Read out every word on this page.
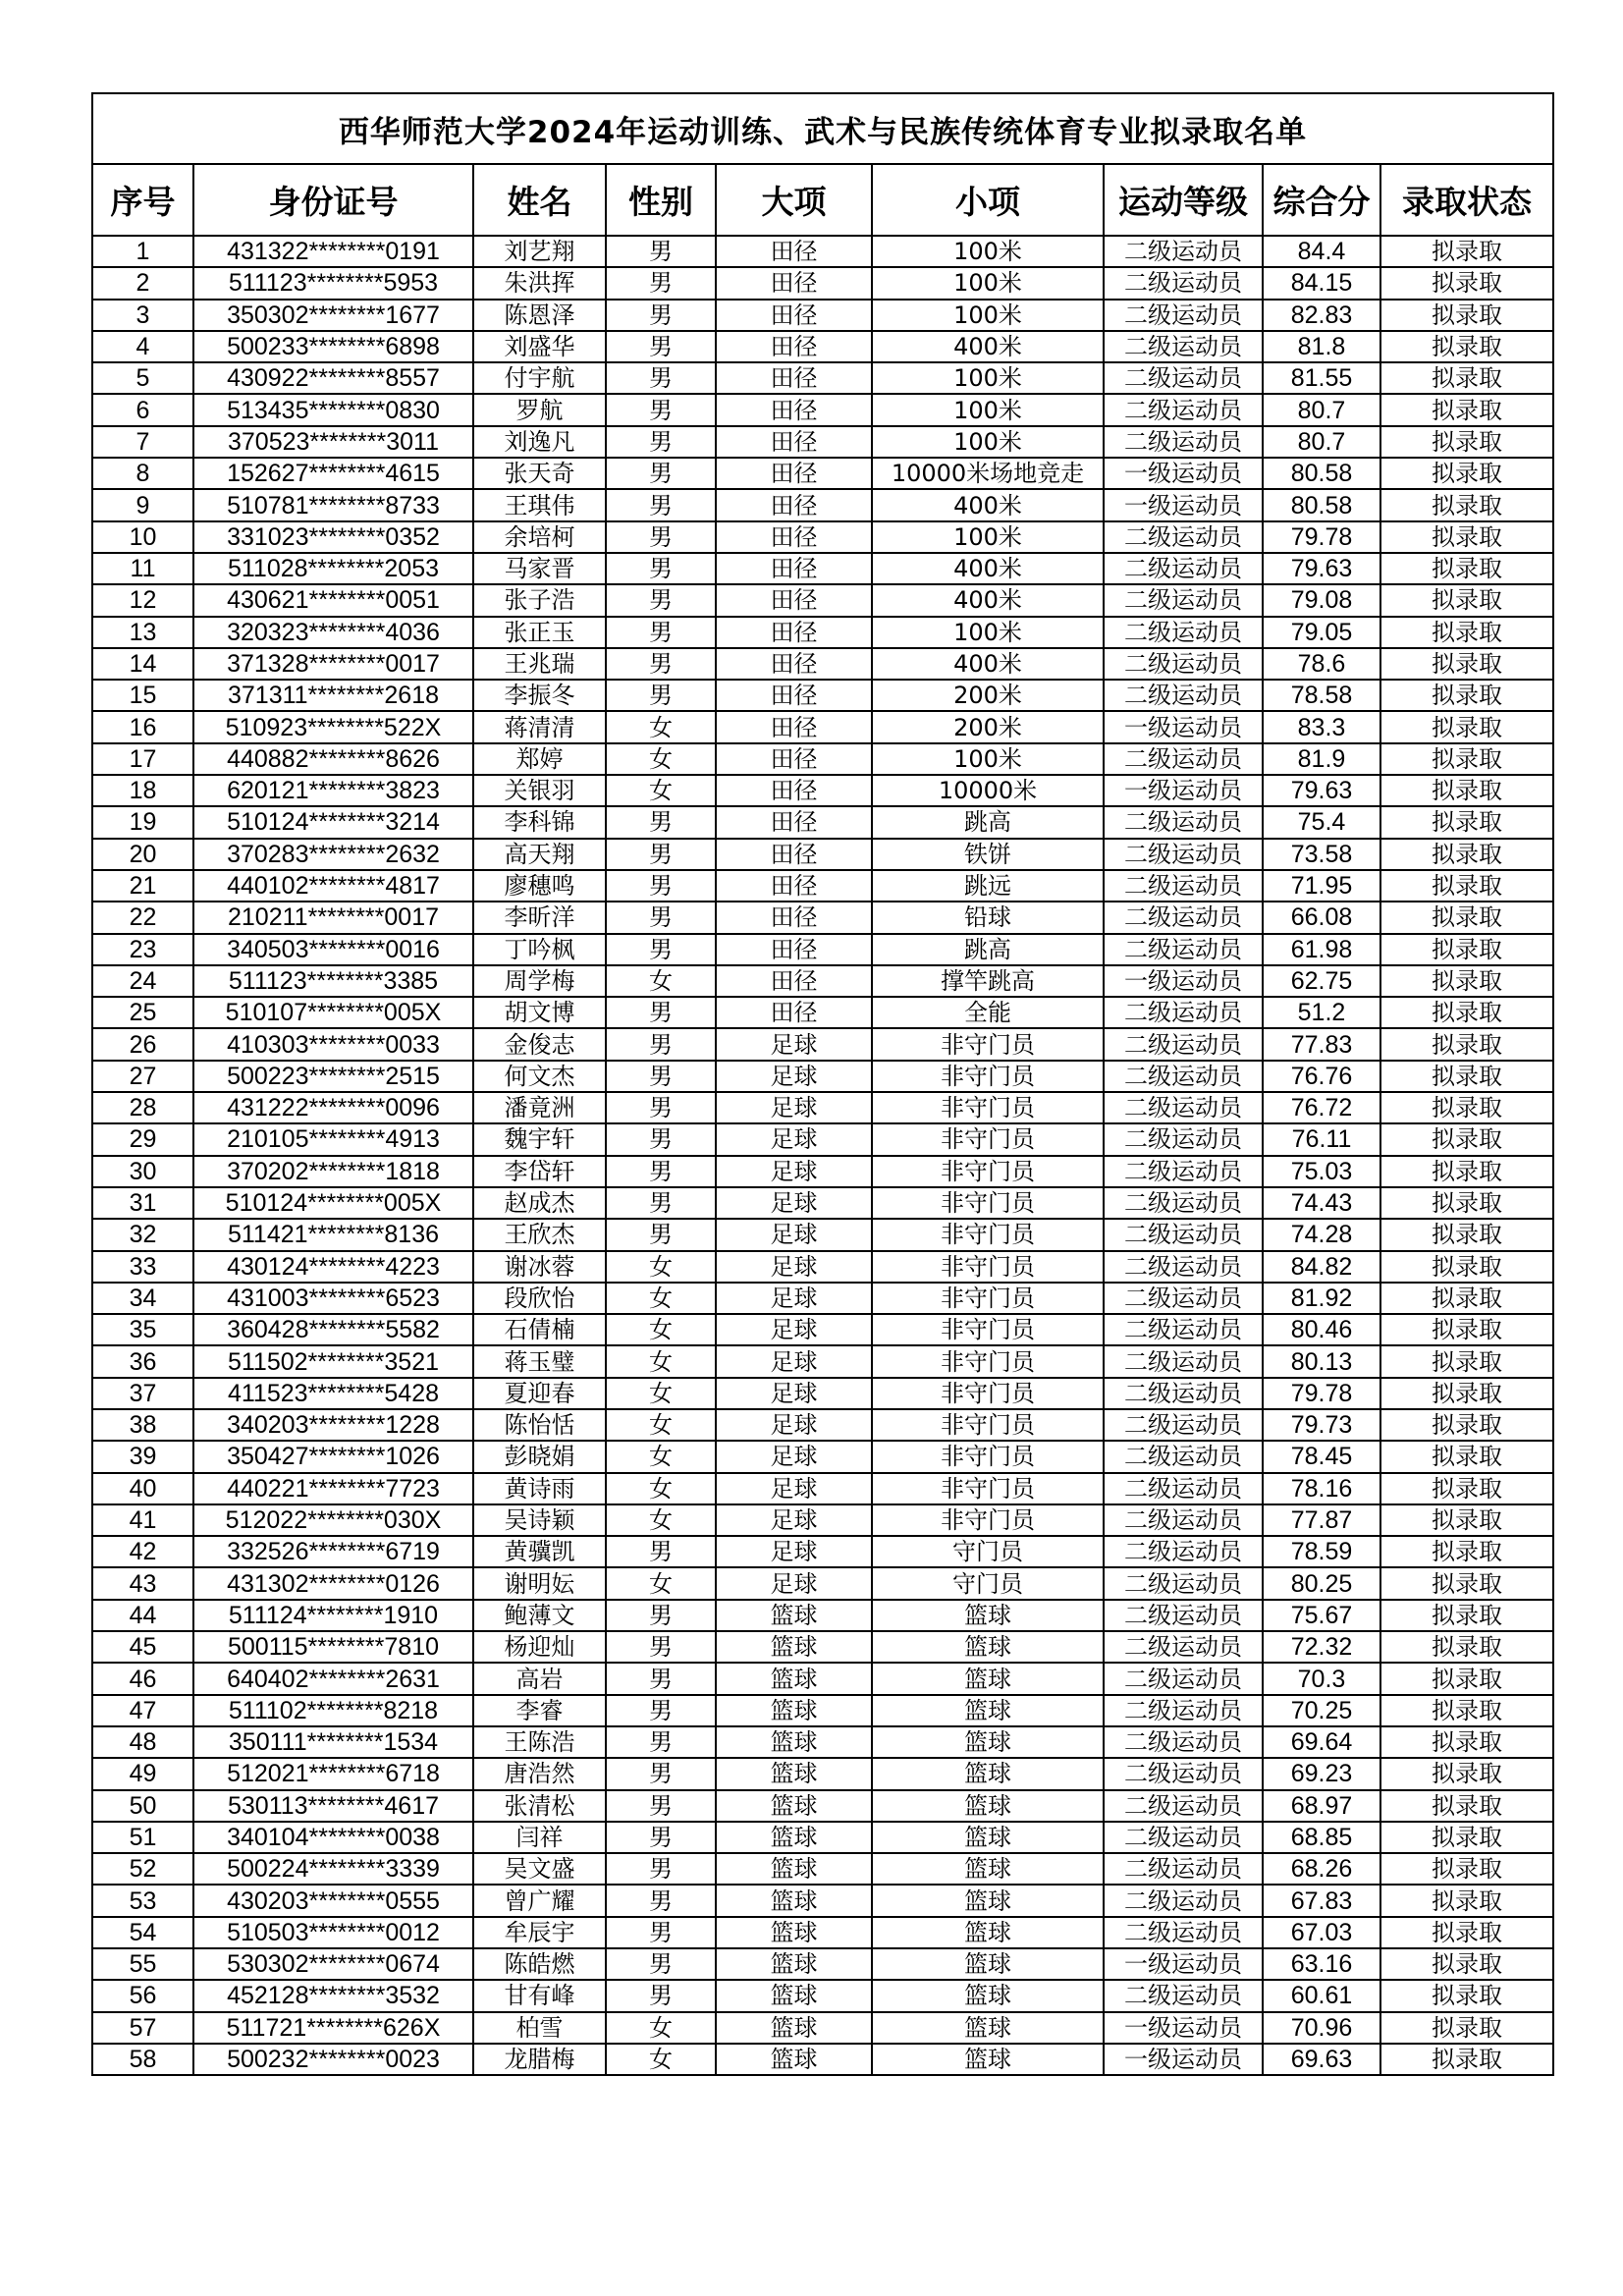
西华师范大学2024年运动训练、武术与民族传统体育专业拟录取名单								
序号	身份证号	姓名	性别	大项	小项	运动等级	综合分	录取状态
1	431322********0191	刘艺翔	男	田径	100米	二级运动员	84.4	拟录取
2	511123********5953	朱洪挥	男	田径	100米	二级运动员	84.15	拟录取
3	350302********1677	陈恩泽	男	田径	100米	二级运动员	82.83	拟录取
4	500233********6898	刘盛华	男	田径	400米	二级运动员	81.8	拟录取
5	430922********8557	付宇航	男	田径	100米	二级运动员	81.55	拟录取
6	513435********0830	罗航	男	田径	100米	二级运动员	80.7	拟录取
7	370523********3011	刘逸凡	男	田径	100米	二级运动员	80.7	拟录取
8	152627********4615	张天奇	男	田径	10000米场地竞走	一级运动员	80.58	拟录取
9	510781********8733	王琪伟	男	田径	400米	一级运动员	80.58	拟录取
10	331023********0352	余培柯	男	田径	100米	二级运动员	79.78	拟录取
11	511028********2053	马家晋	男	田径	400米	二级运动员	79.63	拟录取
12	430621********0051	张子浩	男	田径	400米	二级运动员	79.08	拟录取
13	320323********4036	张正玉	男	田径	100米	二级运动员	79.05	拟录取
14	371328********0017	王兆瑞	男	田径	400米	二级运动员	78.6	拟录取
15	371311********2618	李振冬	男	田径	200米	二级运动员	78.58	拟录取
16	510923********522X	蒋清清	女	田径	200米	一级运动员	83.3	拟录取
17	440882********8626	郑婷	女	田径	100米	二级运动员	81.9	拟录取
18	620121********3823	关银羽	女	田径	10000米	一级运动员	79.63	拟录取
19	510124********3214	李科锦	男	田径	跳高	二级运动员	75.4	拟录取
20	370283********2632	高天翔	男	田径	铁饼	二级运动员	73.58	拟录取
21	440102********4817	廖穗鸣	男	田径	跳远	二级运动员	71.95	拟录取
22	210211********0017	李昕洋	男	田径	铅球	二级运动员	66.08	拟录取
23	340503********0016	丁吟枫	男	田径	跳高	二级运动员	61.98	拟录取
24	511123********3385	周学梅	女	田径	撑竿跳高	一级运动员	62.75	拟录取
25	510107********005X	胡文博	男	田径	全能	二级运动员	51.2	拟录取
26	410303********0033	金俊志	男	足球	非守门员	二级运动员	77.83	拟录取
27	500223********2515	何文杰	男	足球	非守门员	二级运动员	76.76	拟录取
28	431222********0096	潘竟洲	男	足球	非守门员	二级运动员	76.72	拟录取
29	210105********4913	魏宇轩	男	足球	非守门员	二级运动员	76.11	拟录取
30	370202********1818	李岱轩	男	足球	非守门员	二级运动员	75.03	拟录取
31	510124********005X	赵成杰	男	足球	非守门员	二级运动员	74.43	拟录取
32	511421********8136	王欣杰	男	足球	非守门员	二级运动员	74.28	拟录取
33	430124********4223	谢冰蓉	女	足球	非守门员	二级运动员	84.82	拟录取
34	431003********6523	段欣怡	女	足球	非守门员	二级运动员	81.92	拟录取
35	360428********5582	石倩楠	女	足球	非守门员	二级运动员	80.46	拟录取
36	511502********3521	蒋玉璧	女	足球	非守门员	二级运动员	80.13	拟录取
37	411523********5428	夏迎春	女	足球	非守门员	二级运动员	79.78	拟录取
38	340203********1228	陈怡恬	女	足球	非守门员	二级运动员	79.73	拟录取
39	350427********1026	彭晓娟	女	足球	非守门员	二级运动员	78.45	拟录取
40	440221********7723	黄诗雨	女	足球	非守门员	二级运动员	78.16	拟录取
41	512022********030X	吴诗颖	女	足球	非守门员	二级运动员	77.87	拟录取
42	332526********6719	黄骥凯	男	足球	守门员	二级运动员	78.59	拟录取
43	431302********0126	谢明妘	女	足球	守门员	二级运动员	80.25	拟录取
44	511124********1910	鲍薄文	男	篮球	篮球	二级运动员	75.67	拟录取
45	500115********7810	杨迎灿	男	篮球	篮球	二级运动员	72.32	拟录取
46	640402********2631	高岩	男	篮球	篮球	二级运动员	70.3	拟录取
47	511102********8218	李睿	男	篮球	篮球	二级运动员	70.25	拟录取
48	350111********1534	王陈浩	男	篮球	篮球	二级运动员	69.64	拟录取
49	512021********6718	唐浩然	男	篮球	篮球	二级运动员	69.23	拟录取
50	530113********4617	张清松	男	篮球	篮球	二级运动员	68.97	拟录取
51	340104********0038	闫祥	男	篮球	篮球	二级运动员	68.85	拟录取
52	500224********3339	吴文盛	男	篮球	篮球	二级运动员	68.26	拟录取
53	430203********0555	曾广耀	男	篮球	篮球	二级运动员	67.83	拟录取
54	510503********0012	牟辰宇	男	篮球	篮球	二级运动员	67.03	拟录取
55	530302********0674	陈皓燃	男	篮球	篮球	一级运动员	63.16	拟录取
56	452128********3532	甘有峰	男	篮球	篮球	二级运动员	60.61	拟录取
57	511721********626X	柏雪	女	篮球	篮球	一级运动员	70.96	拟录取
58	500232********0023	龙腊梅	女	篮球	篮球	一级运动员	69.63	拟录取
